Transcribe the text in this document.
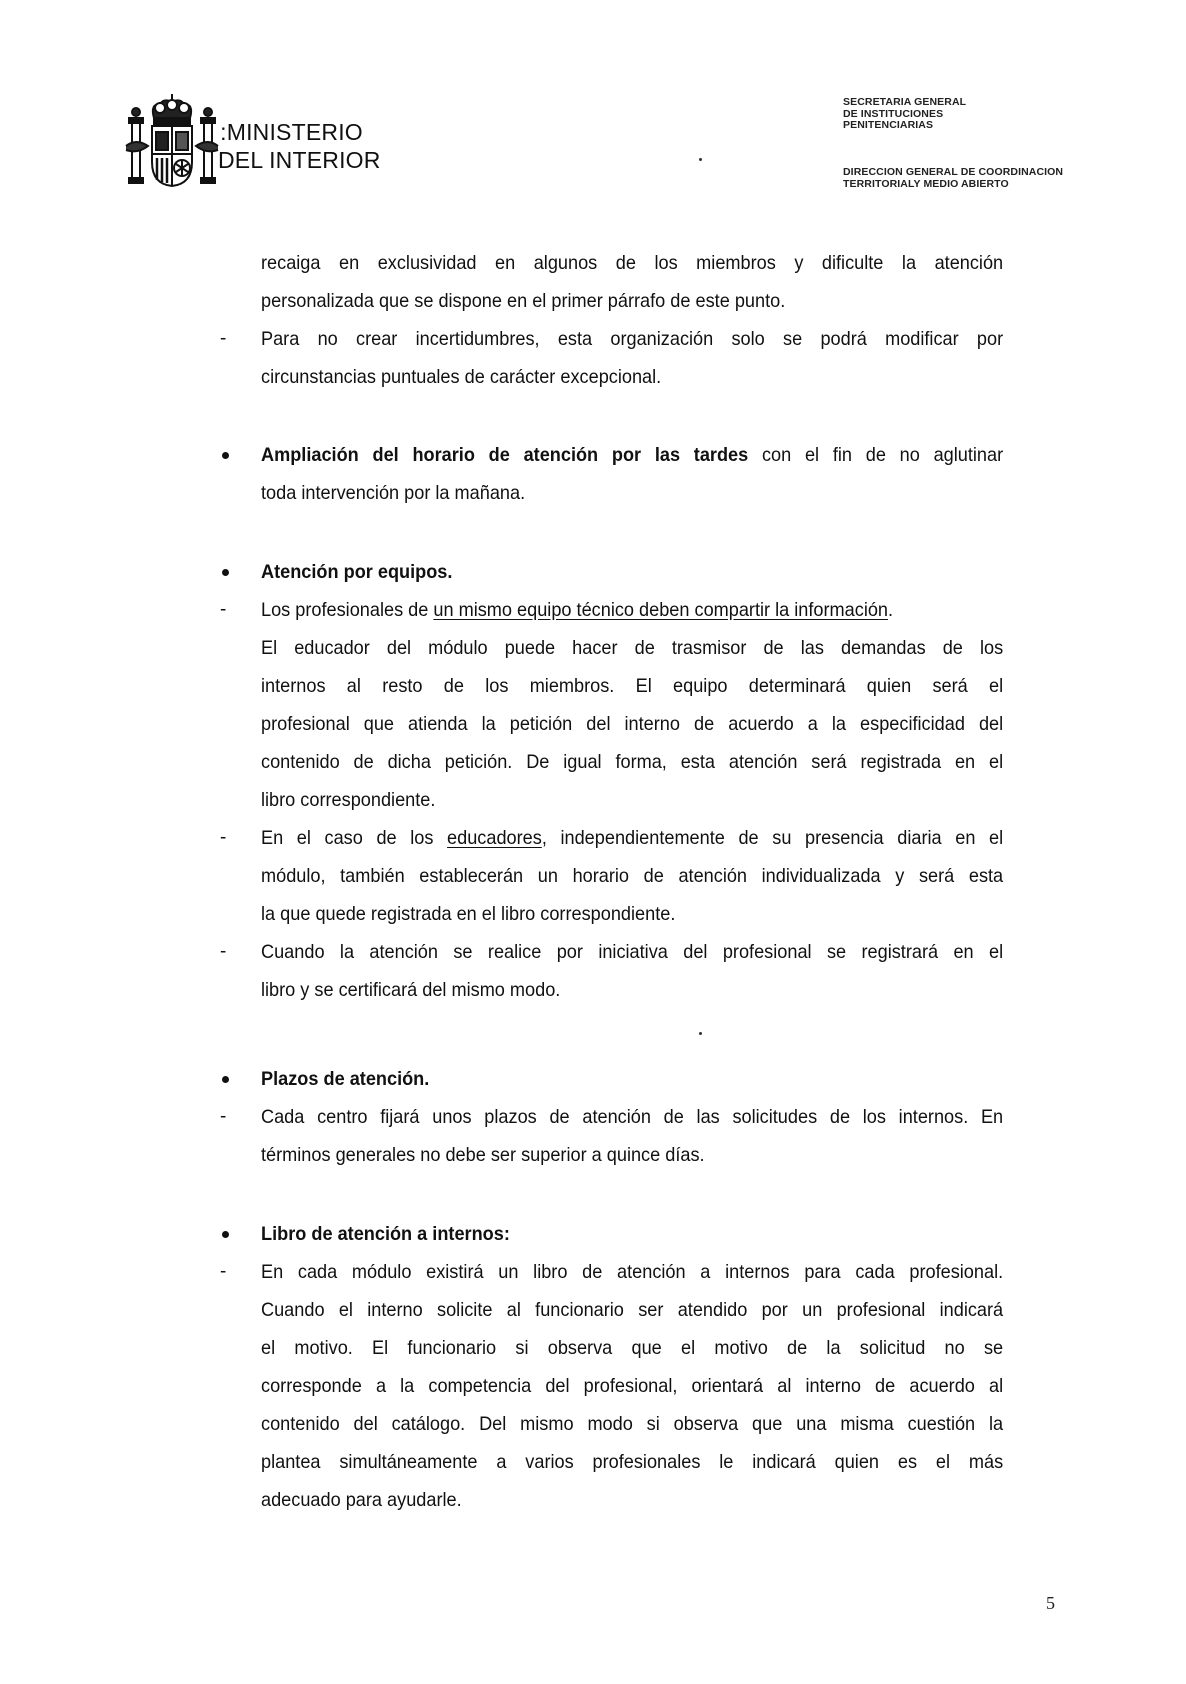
 :MINISTERIO
DEL INTERIOR
SECRETARIA GENERAL
DE INSTITUCIONES
PENITENCIARIAS
DIRECCION GENERAL DE COORDINACION
TERRITORIALY MEDIO ABIERTO
recaiga en exclusividad en algunos de los miembros y dificulte la atención
personalizada que se dispone en el primer párrafo de este punto.
- Para no crear incertidumbres, esta organización solo se podrá modificar por
circunstancias puntuales de carácter excepcional.
Ampliación del horario de atención por las tardes con el fin de no aglutinar
toda intervención por la mañana.
Atención por equipos.
- Los profesionales de un mismo equipo técnico deben compartir la información.
El educador del módulo puede hacer de trasmisor de las demandas de los
internos al resto de los miembros. El equipo determinará quien será el
profesional que atienda la petición del interno de acuerdo a la especificidad del
contenido de dicha petición. De igual forma, esta atención será registrada en el
libro correspondiente.
- En el caso de los educadores, independientemente de su presencia diaria en el
módulo, también establecerán un horario de atención individualizada y será esta
la que quede registrada en el libro correspondiente.
- Cuando la atención se realice por iniciativa del profesional se registrará en el
libro y se certificará del mismo modo.
Plazos de atención.
- Cada centro fijará unos plazos de atención de las solicitudes de los internos. En
términos generales no debe ser superior a quince días.
Libro de atención a internos:
- En cada módulo existirá un libro de atención a internos para cada profesional.
Cuando el interno solicite al funcionario ser atendido por un profesional indicará
el motivo. El funcionario si observa que el motivo de la solicitud no se
corresponde a la competencia del profesional, orientará al interno de acuerdo al
contenido del catálogo. Del mismo modo si observa que una misma cuestión la
plantea simultáneamente a varios profesionales le indicará quien es el más
adecuado para ayudarle.
5
